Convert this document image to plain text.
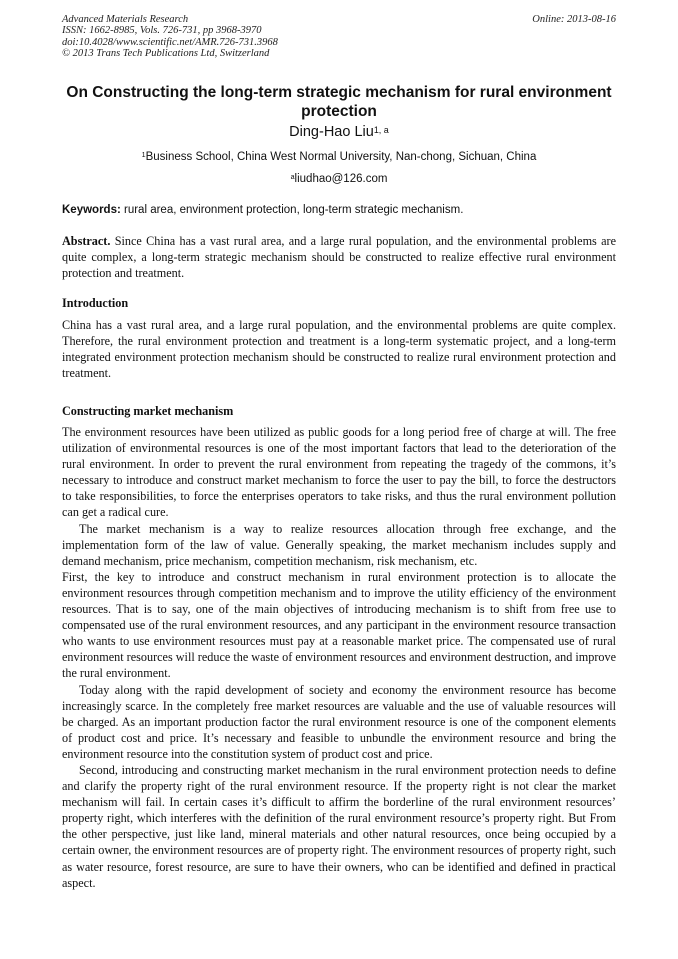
Advanced Materials Research
ISSN: 1662-8985, Vols. 726-731, pp 3968-3970
doi:10.4028/www.scientific.net/AMR.726-731.3968
© 2013 Trans Tech Publications Ltd, Switzerland
Online: 2013-08-16
On Constructing the long-term strategic mechanism for rural environment protection
Ding-Hao Liu$^{1, a}$
$^1$Business School, China West Normal University, Nan-chong, Sichuan, China
$^a$liudhao@126.com
Keywords: rural area, environment protection, long-term strategic mechanism.
Abstract. Since China has a vast rural area, and a large rural population, and the environmental problems are quite complex, a long-term strategic mechanism should be constructed to realize effective rural environment protection and treatment.
Introduction
China has a vast rural area, and a large rural population, and the environmental problems are quite complex. Therefore, the rural environment protection and treatment is a long-term systematic project, and a long-term integrated environment protection mechanism should be constructed to realize rural environment protection and treatment.
Constructing market mechanism

The environment resources have been utilized as public goods for a long period free of charge at will. The free utilization of environmental resources is one of the most important factors that lead to the deterioration of the rural environment. In order to prevent the rural environment from repeating the tragedy of the commons, it’s necessary to introduce and construct market mechanism to force the user to pay the bill, to force the destructors to take responsibilities, to force the enterprises operators to take risks, and thus the rural environment pollution can get a radical cure.

The market mechanism is a way to realize resources allocation through free exchange, and the implementation form of the law of value. Generally speaking, the market mechanism includes supply and demand mechanism, price mechanism, competition mechanism, risk mechanism, etc.

First, the key to introduce and construct mechanism in rural environment protection is to allocate the environment resources through competition mechanism and to improve the utility efficiency of the environment resources. That is to say, one of the main objectives of introducing mechanism is to shift from free use to compensated use of the rural environment resources, and any participant in the environment resource transaction who wants to use environment resources must pay at a reasonable market price. The compensated use of rural environment resources will reduce the waste of environment resources and environment destruction, and improve the rural environment.

Today along with the rapid development of society and economy the environment resource has become increasingly scarce. In the completely free market resources are valuable and the use of valuable resources will be charged. As an important production factor the rural environment resource is one of the component elements of product cost and price. It’s necessary and feasible to unbundle the environment resource and bring the environment resource into the constitution system of product cost and price.

Second, introducing and constructing market mechanism in the rural environment protection needs to define and clarify the property right of the rural environment resource. If the property right is not clear the market mechanism will fail. In certain cases it’s difficult to affirm the borderline of the rural environment resources’ property right, which interferes with the definition of the rural environment resource’s property right. But From the other perspective, just like land, mineral materials and other natural resources, once being occupied by a certain owner, the environment resources are of property right. The environment resources of property right, such as water resource, forest resource, are sure to have their owners, who can be identified and defined in practical aspect.
